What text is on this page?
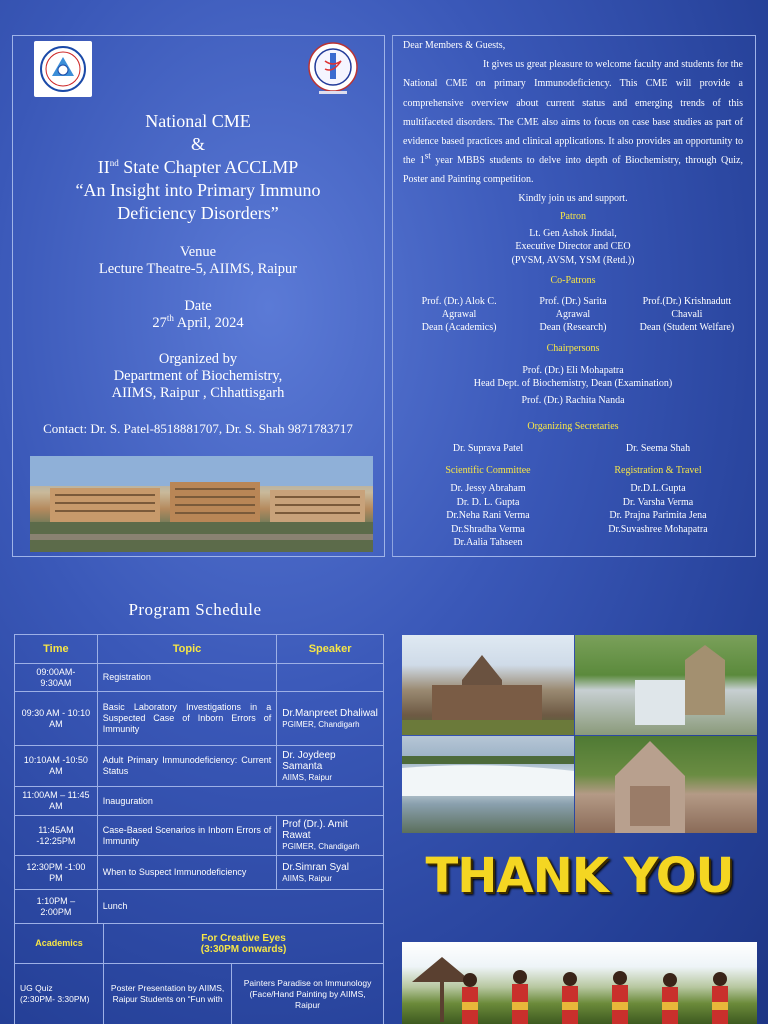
National CME
&
IInd State Chapter ACCLMP
“An Insight into Primary Immuno
Deficiency Disorders”
Venue
Lecture Theatre-5, AIIMS, Raipur
Date
27th April, 2024
Organized by
Department of Biochemistry,
AIIMS, Raipur , Chhattisgarh
Contact: Dr. S. Patel-8518881707, Dr. S. Shah 9871783717
Dear Members & Guests,
It gives us great pleasure to welcome faculty and students for the National CME on primary Immunodeficiency. This CME will provide a comprehensive overview about current status and emerging trends of this multifaceted disorders. The CME also aims to focus on case base studies as part of evidence based practices and clinical applications. It also provides an opportunity to the 1st year MBBS students to delve into depth of Biochemistry, through Quiz, Poster and Painting competition.
Kindly join us and support.
Patron
Lt. Gen Ashok Jindal,
Executive Director and CEO
(PVSM, AVSM, YSM (Retd.))
Co-Patrons
Prof. (Dr.) Alok C.
Agrawal
Dean (Academics)
Prof. (Dr.) Sarita
Agrawal
Dean (Research)
Prof.(Dr.) Krishnadutt
Chavali
Dean (Student Welfare)
Chairpersons
Prof. (Dr.) Eli Mohapatra
Head Dept. of Biochemistry, Dean (Examination)
Prof. (Dr.) Rachita Nanda
Organizing Secretaries
Dr. Suprava Patel	Dr. Seema Shah
Scientific Committee
Dr. Jessy Abraham
Dr. D. L. Gupta
Dr.Neha Rani Verma
Dr.Shradha Verma
Dr.Aalia Tahseen
Registration & Travel
Dr.D.L.Gupta
Dr. Varsha Verma
Dr. Prajna Parimita Jena
Dr.Suvashree Mohapatra
Program Schedule
Time	Topic	Speaker
09:00AM- 9:30AM	Registration	
09:30 AM - 10:10 AM	Basic Laboratory Investigations in a Suspected Case of Inborn Errors of Immunity	Dr.Manpreet Dhaliwal
PGIMER, Chandigarh

10:10AM -10:50 AM	Adult Primary Immunodeficiency: Current Status	Dr. Joydeep Samanta
AIIMS, Raipur

11:00AM – 11:45 AM	Inauguration	
11:45AM -12:25PM	Case-Based Scenarios in Inborn Errors of Immunity	Prof (Dr.). Amit Rawat
PGIMER, Chandigarh

12:30PM -1:00 PM	When to Suspect Immunodeficiency	Dr.Simran Syal
AIIMS, Raipur

1:10PM – 2:00PM	Lunch	
Academics	For Creative Eyes
(3:30PM onwards)	

UG Quiz
(2:30PM- 3:30PM)	Poster Presentation by AIIMS, Raipur Students on “Fun with	Painters Paradise on Immunology (Face/Hand Painting by AIIMS, Raipur
THANK YOU
